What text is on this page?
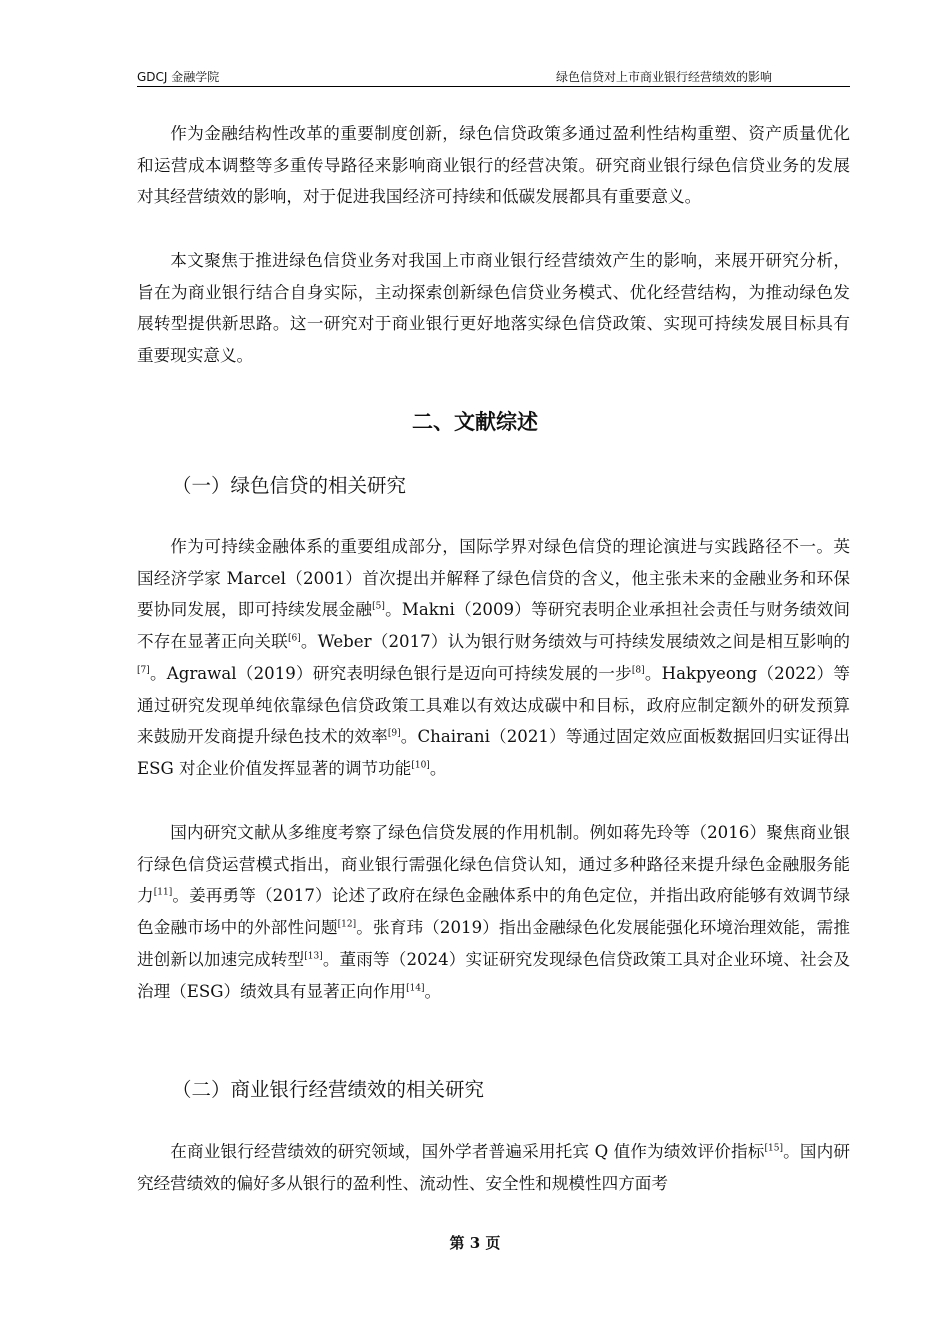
GDCJ 金融学院	绿色信贷对上市商业银行经营绩效的影响

作为金融结构性改革的重要制度创新，绿色信贷政策多通过盈利性结构重塑、资产质量优化和运营成本调整等多重传导路径来影响商业银行的经营决策。研究商业银行绿色信贷业务的发展对其经营绩效的影响，对于促进我国经济可持续和低碳发展都具有重要意义。

本文聚焦于推进绿色信贷业务对我国上市商业银行经营绩效产生的影响，来展开研究分析，旨在为商业银行结合自身实际，主动探索创新绿色信贷业务模式、优化经营结构，为推动绿色发展转型提供新思路。这一研究对于商业银行更好地落实绿色信贷政策、实现可持续发展目标具有重要现实意义。

二、文献综述
（一）绿色信贷的相关研究

作为可持续金融体系的重要组成部分，国际学界对绿色信贷的理论演进与实践路径不一。英国经济学家 Marcel（2001）首次提出并解释了绿色信贷的含义，他主张未来的金融业务和环保要协同发展，即可持续发展金融[5]。Makni（2009）等研究表明企业承担社会责任与财务绩效间不存在显著正向关联[6]。Weber（2017）认为银行财务绩效与可持续发展绩效之间是相互影响的[7]。Agrawal（2019）研究表明绿色银行是迈向可持续发展的一步[8]。Hakpyeong（2022）等通过研究发现单纯依靠绿色信贷政策工具难以有效达成碳中和目标，政府应制定额外的研发预算来鼓励开发商提升绿色技术的效率[9]。Chairani（2021）等通过固定效应面板数据回归实证得出 ESG 对企业价值发挥显著的调节功能[10]。

国内研究文献从多维度考察了绿色信贷发展的作用机制。例如蒋先玲等（2016）聚焦商业银行绿色信贷运营模式指出，商业银行需强化绿色信贷认知，通过多种路径来提升绿色金融服务能力[11]。姜再勇等（2017）论述了政府在绿色金融体系中的角色定位，并指出政府能够有效调节绿色金融市场中的外部性问题[12]。张育玮（2019）指出金融绿色化发展能强化环境治理效能，需推进创新以加速完成转型[13]。董雨等（2024）实证研究发现绿色信贷政策工具对企业环境、社会及治理（ESG）绩效具有显著正向作用[14]。

（二）商业银行经营绩效的相关研究

在商业银行经营绩效的研究领域，国外学者普遍采用托宾 Q 值作为绩效评价指标[15]。国内研究经营绩效的偏好多从银行的盈利性、流动性、安全性和规模性四方面考

第 3 页
